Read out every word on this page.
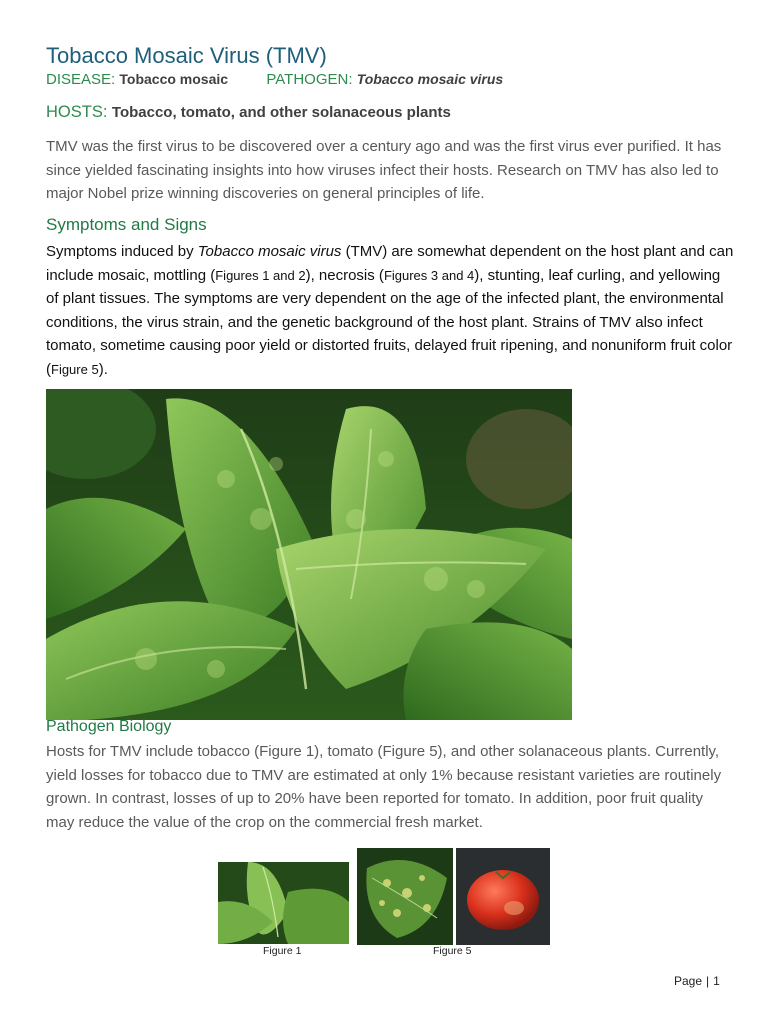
Tobacco Mosaic Virus (TMV)
DISEASE: Tobacco mosaic	PATHOGEN: Tobacco mosaic virus
HOSTS: Tobacco, tomato, and other solanaceous plants

TMV was the first virus to be discovered over a century ago and was the first virus ever purified. It has since yielded fascinating insights into how viruses infect their hosts. Research on TMV has also led to major Nobel prize winning discoveries on general principles of life.

Symptoms and Signs

Symptoms induced by Tobacco mosaic virus (TMV) are somewhat dependent on the host plant and can include mosaic, mottling (Figures 1 and 2), necrosis (Figures 3 and 4), stunting, leaf curling, and yellowing of plant tissues. The symptoms are very dependent on the age of the infected plant, the environmental conditions, the virus strain, and the genetic background of the host plant. Strains of TMV also infect tomato, sometime causing poor yield or distorted fruits, delayed fruit ripening, and nonuniform fruit color (Figure 5).

Pathogen Biology

Hosts for TMV include tobacco (Figure 1), tomato (Figure 5), and other solanaceous plants. Currently, yield losses for tobacco due to TMV are estimated at only 1% because resistant varieties are routinely grown. In contrast, losses of up to 20% have been reported for tomato. In addition, poor fruit quality may reduce the value of the crop on the commercial fresh market.

Figure 1	Figure 5
Page | 1
